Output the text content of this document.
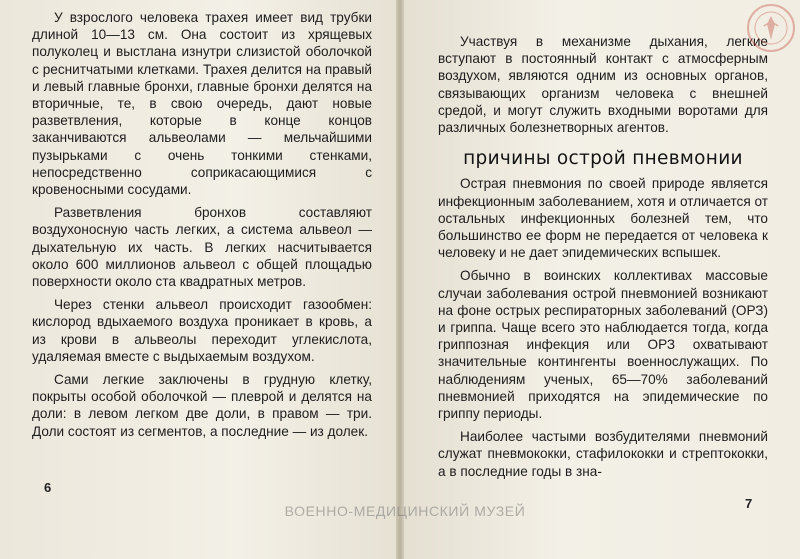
У взрослого человека трахея имеет вид трубки длиной 10—13 см. Она состоит из хрящевых полуколец и выстлана изнутри слизистой оболочкой с реснитчатыми клетками. Трахея делится на правый и левый главные бронхи, главные бронхи делятся на вторичные, те, в свою очередь, дают новые разветвления, которые в конце концов заканчиваются альвеолами — мельчайшими пузырьками с очень тонкими стенками, непосредственно соприкасающимися с кровеносными сосудами.

Разветвления бронхов составляют воздухоносную часть легких, а система альвеол — дыхательную их часть. В легких насчитывается около 600 миллионов альвеол с общей площадью поверхности около ста квадратных метров.

Через стенки альвеол происходит газообмен: кислород вдыхаемого воздуха проникает в кровь, а из крови в альвеолы переходит углекислота, удаляемая вместе с выдыхаемым воздухом.

Сами легкие заключены в грудную клетку, покрыты особой оболочкой — плеврой и делятся на доли: в левом легком две доли, в правом — три. Доли состоят из сегментов, а последние — из долек.

Участвуя в механизме дыхания, легкие вступают в постоянный контакт с атмосферным воздухом, являются одним из основных органов, связывающих организм человека с внешней средой, и могут служить входными воротами для различных болезнетворных агентов.

причины острой пневмонии

Острая пневмония по своей природе является инфекционным заболеванием, хотя и отличается от остальных инфекционных болезней тем, что большинство ее форм не передается от человека к человеку и не дает эпидемических вспышек.

Обычно в воинских коллективах массовые случаи заболевания острой пневмонией возникают на фоне острых респираторных заболеваний (ОРЗ) и гриппа. Чаще всего это наблюдается тогда, когда гриппозная инфекция или ОРЗ охватывают значительные контингенты военнослужащих. По наблюдениям ученых, 65—70% заболеваний пневмонией приходятся на эпидемические по гриппу периоды.

Наиболее частыми возбудителями пневмоний служат пневмококки, стафилококки и стрептококки, а в последние годы в зна-

6
7
ВОЕННО-МЕДИЦИНСКИЙ МУЗЕЙ
